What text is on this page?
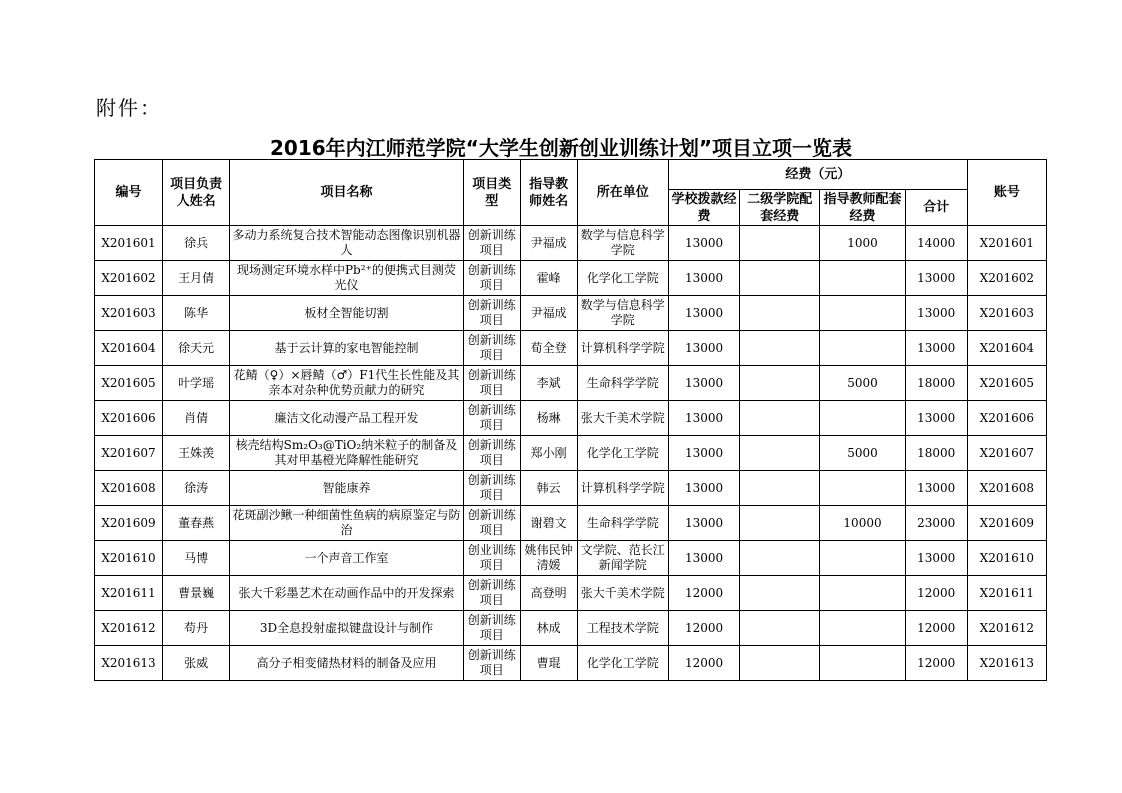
附件：
2016年内江师范学院“大学生创新创业训练计划”项目立项一览表
编号	项目负责人姓名	项目名称	项目类型	指导教师姓名	所在单位	经费（元）				账号
						学校拨款经费	二级学院配套经费	指导教师配套经费	合计	
X201601	徐兵	多动力系统复合技术智能动态图像识别机器人	创新训练项目	尹福成	数学与信息科学学院	13000		1000	14000	X201601
X201602	王月倩	现场测定环境水样中Pb²⁺的便携式目测荧光仪	创新训练项目	霍峰	化学化工学院	13000			13000	X201602
X201603	陈华	板材全智能切割	创新训练项目	尹福成	数学与信息科学学院	13000			13000	X201603
X201604	徐天元	基于云计算的家电智能控制	创新训练项目	荀全登	计算机科学学院	13000			13000	X201604
X201605	叶学瑶	花鲭（♀）×唇鲭（♂）F1代生长性能及其亲本对杂种优势贡献力的研究	创新训练项目	李斌	生命科学学院	13000		5000	18000	X201605
X201606	肖倩	廉洁文化动漫产品工程开发	创新训练项目	杨琳	张大千美术学院	13000			13000	X201606
X201607	王姝羡	核壳结构Sm₂O₃@TiO₂纳米粒子的制备及其对甲基橙光降解性能研究	创新训练项目	郑小刚	化学化工学院	13000		5000	18000	X201607
X201608	徐涛	智能康养	创新训练项目	韩云	计算机科学学院	13000			13000	X201608
X201609	董春燕	花斑副沙鳅一种细菌性鱼病的病原鉴定与防治	创新训练项目	谢碧文	生命科学学院	13000		10000	23000	X201609
X201610	马博	一个声音工作室	创业训练项目	姚伟民钟清媛	文学院、范长江新闻学院	13000			13000	X201610
X201611	曹景巍	张大千彩墨艺术在动画作品中的开发探索	创新训练项目	高登明	张大千美术学院	12000			12000	X201611
X201612	苟丹	3D全息投射虚拟键盘设计与制作	创新训练项目	林成	工程技术学院	12000			12000	X201612
X201613	张威	高分子相变储热材料的制备及应用	创新训练项目	曹琨	化学化工学院	12000			12000	X201613
